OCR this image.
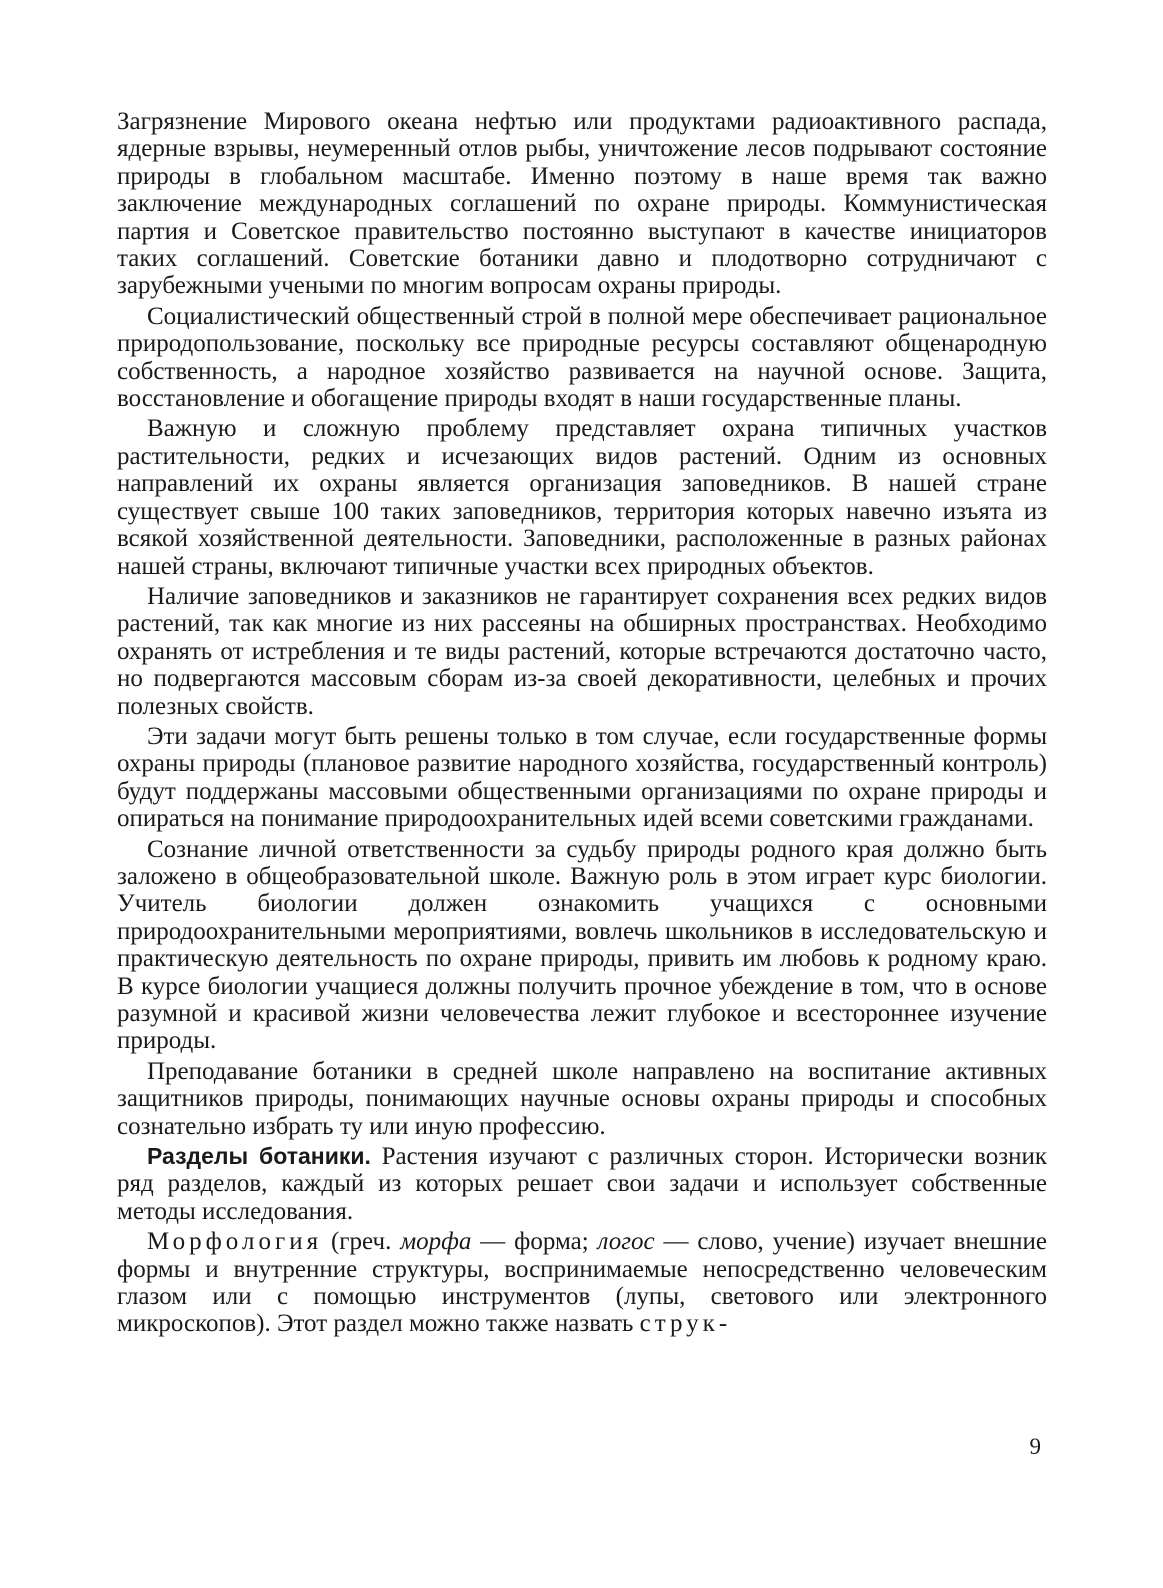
Загрязнение Мирового океана нефтью или продуктами радиоактивного распада, ядерные взрывы, неумеренный отлов рыбы, уничтожение лесов подрывают состояние природы в глобальном масштабе. Именно поэтому в наше время так важно заключение международных соглашений по охране природы. Коммунистическая партия и Советское правительство постоянно выступают в качестве инициаторов таких соглашений. Советские ботаники давно и плодотворно сотрудничают с зарубежными учеными по многим вопросам охраны природы.

Социалистический общественный строй в полной мере обеспечивает рациональное природопользование, поскольку все природные ресурсы составляют общенародную собственность, а народное хозяйство развивается на научной основе. Защита, восстановление и обогащение природы входят в наши государственные планы.

Важную и сложную проблему представляет охрана типичных участков растительности, редких и исчезающих видов растений. Одним из основных направлений их охраны является организация заповедников. В нашей стране существует свыше 100 таких заповедников, территория которых навечно изъята из всякой хозяйственной деятельности. Заповедники, расположенные в разных районах нашей страны, включают типичные участки всех природных объектов.

Наличие заповедников и заказников не гарантирует сохранения всех редких видов растений, так как многие из них рассеяны на обширных пространствах. Необходимо охранять от истребления и те виды растений, которые встречаются достаточно часто, но подвергаются массовым сборам из-за своей декоративности, целебных и прочих полезных свойств.

Эти задачи могут быть решены только в том случае, если государственные формы охраны природы (плановое развитие народного хозяйства, государственный контроль) будут поддержаны массовыми общественными организациями по охране природы и опираться на понимание природоохранительных идей всеми советскими гражданами.

Сознание личной ответственности за судьбу природы родного края должно быть заложено в общеобразовательной школе. Важную роль в этом играет курс биологии. Учитель биологии должен ознакомить учащихся с основными природоохранительными мероприятиями, вовлечь школьников в исследовательскую и практическую деятельность по охране природы, привить им любовь к родному краю. В курсе биологии учащиеся должны получить прочное убеждение в том, что в основе разумной и красивой жизни человечества лежит глубокое и всестороннее изучение природы.

Преподавание ботаники в средней школе направлено на воспитание активных защитников природы, понимающих научные основы охраны природы и способных сознательно избрать ту или иную профессию.

Разделы ботаники. Растения изучают с различных сторон. Исторически возник ряд разделов, каждый из которых решает свои задачи и использует собственные методы исследования.

Морфология (греч. морфа — форма; логос — слово, учение) изучает внешние формы и внутренние структуры, воспринимаемые непосредственно человеческим глазом или с помощью инструментов (лупы, светового или электронного микроскопов). Этот раздел можно также назвать струк-

9
